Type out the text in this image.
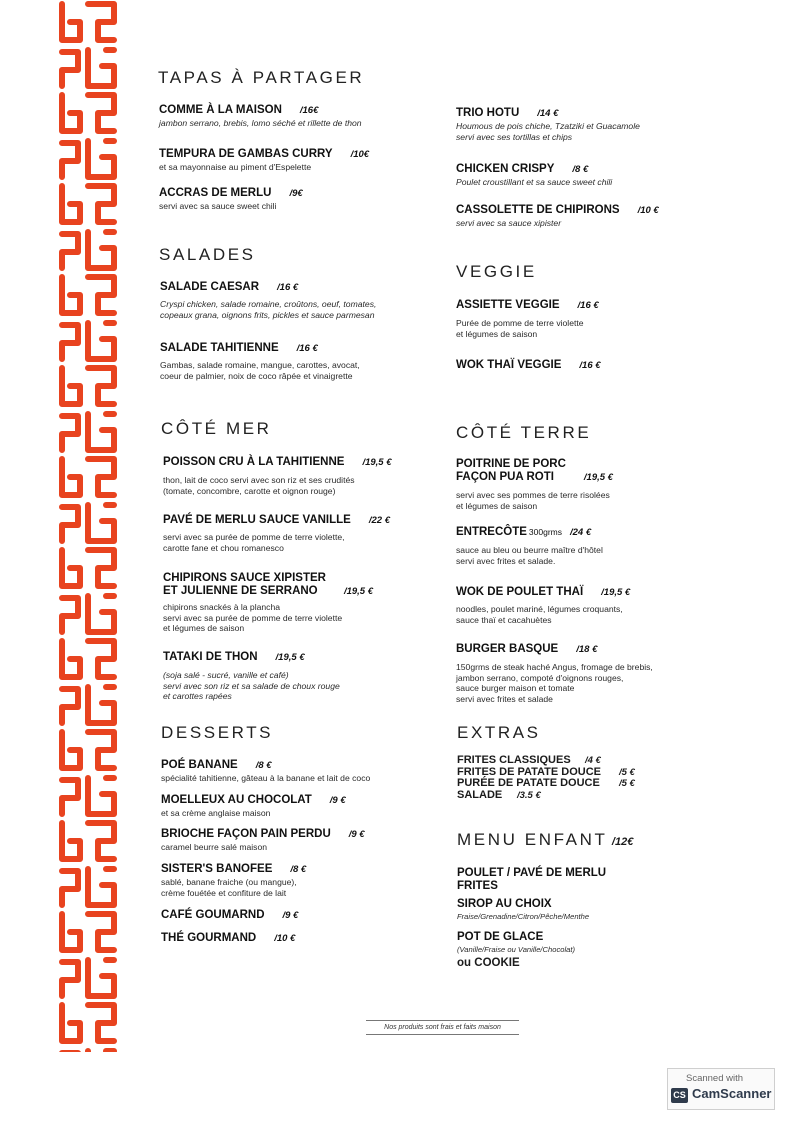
TAPAS À PARTAGER
COMME À LA MAISON /16€
jambon serrano, brebis, lomo séché et rillette de thon
TEMPURA DE GAMBAS CURRY /10€
et sa mayonnaise au piment d'Espelette
ACCRAS DE MERLU /9€
servi avec sa sauce sweet chili
TRIO HOTU /14 €
Houmous de pois chiche, Tzatziki et Guacamole
servi avec ses tortillas et chips
CHICKEN CRISPY /8 €
Poulet croustillant et sa sauce sweet chili
CASSOLETTE DE CHIPIRONS /10 €
servi avec sa sauce xipister
SALADES
SALADE CAESAR /16 €
Cryspi chicken, salade romaine, croûtons, oeuf, tomates,
copeaux grana, oignons frits, pickles et sauce parmesan
SALADE TAHITIENNE /16 €
Gambas, salade romaine, mangue, carottes, avocat,
coeur de palmier, noix de coco râpée et vinaigrette
VEGGIE
ASSIETTE VEGGIE /16 €
Purée de pomme de terre violette
et légumes de saison
WOK THAÏ VEGGIE /16 €
CÔTÉ MER
POISSON CRU À LA TAHITIENNE /19,5 €
thon, lait de coco servi avec son riz et ses crudités
(tomate, concombre, carotte et oignon rouge)
PAVÉ DE MERLU SAUCE VANILLE /22 €
servi avec sa purée de pomme de terre violette,
carotte fane et chou romanesco
CHIPIRONS SAUCE XIPISTER
ET JULIENNE DE SERRANO	/19,5 €
chipirons snackés à la plancha
servi avec sa purée de pomme de terre violette
et légumes de saison
TATAKI DE THON /19,5 €
(soja salé - sucré, vanille et café)
servi avec son riz et sa salade de choux rouge
et carottes rapées
CÔTÉ TERRE
POITRINE DE PORC
FAÇON PUA ROTI	/19,5 €
servi avec ses pommes de terre risolées
et légumes de saison
ENTRECÔTE 300grms /24 €
sauce au bleu ou beurre maître d'hôtel
servi avec frites et salade.
WOK DE POULET THAÏ /19,5 €
noodles, poulet mariné, légumes croquants,
sauce thaï et cacahuètes
BURGER BASQUE /18 €
150grms de steak haché Angus, fromage de brebis,
jambon serrano, compoté d'oignons rouges,
sauce burger maison et tomate
servi avec frites et salade
DESSERTS
POÉ BANANE /8 €
spécialité tahitienne, gâteau à la banane et lait de coco
MOELLEUX AU CHOCOLAT /9 €
et sa crème anglaise maison
BRIOCHE FAÇON PAIN PERDU /9 €
caramel beurre salé maison
SISTER'S BANOFEE /8 €
sablé, banane fraiche (ou mangue),
crème fouétée et confiture de lait
CAFÉ GOUMARND /9 €
THÉ GOURMAND /10 €
EXTRAS
FRITES CLASSIQUES /4 €
FRITES DE PATATE DOUCE /5 €
PURÉE DE PATATE DOUCE /5 €
SALADE /3.5 €
MENU ENFANT /12€
POULET / PAVÉ DE MERLU
FRITES
SIROP AU CHOIX
Fraise/Grenadine/Citron/Pêche/Menthe
POT DE GLACE
(Vanille/Fraise ou Vanille/Chocolat)
ou COOKIE
Nos produits sont frais et faits maison
Scanned with
CS CamScanner
